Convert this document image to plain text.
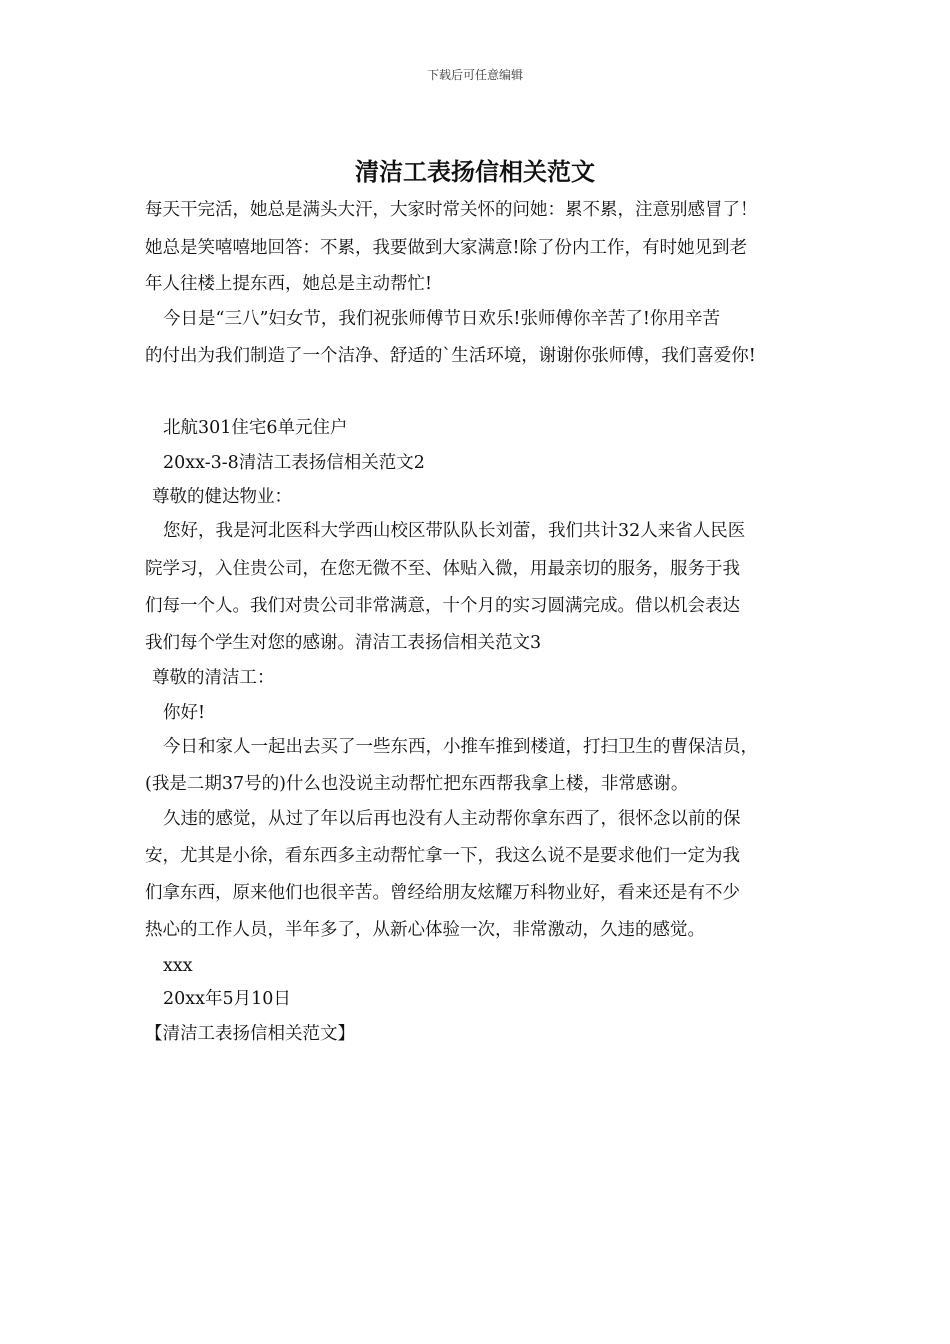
下载后可任意编辑
清洁工表扬信相关范文
每天干完活，她总是满头大汗，大家时常关怀的问她：累不累，注意别感冒了！
她总是笑嘻嘻地回答：不累，我要做到大家满意!除了份内工作，有时她见到老
年人往楼上提东西，她总是主动帮忙!
今日是“三八”妇女节，我们祝张师傅节日欢乐!张师傅你辛苦了!你用辛苦
的付出为我们制造了一个洁净、舒适的`生活环境，谢谢你张师傅，我们喜爱你!
北航301住宅6单元住户
20xx-3-8清洁工表扬信相关范文2
尊敬的健达物业：
您好，我是河北医科大学西山校区带队队长刘蕾，我们共计32人来省人民医
院学习，入住贵公司，在您无微不至、体贴入微，用最亲切的服务，服务于我
们每一个人。我们对贵公司非常满意，十个月的实习圆满完成。借以机会表达
我们每个学生对您的感谢。清洁工表扬信相关范文3
尊敬的清洁工：
你好!
今日和家人一起出去买了一些东西，小推车推到楼道，打扫卫生的曹保洁员，
(我是二期37号的)什么也没说主动帮忙把东西帮我拿上楼，非常感谢。
久违的感觉，从过了年以后再也没有人主动帮你拿东西了，很怀念以前的保
安，尤其是小徐，看东西多主动帮忙拿一下，我这么说不是要求他们一定为我
们拿东西，原来他们也很辛苦。曾经给朋友炫耀万科物业好，看来还是有不少
热心的工作人员，半年多了，从新心体验一次，非常激动，久违的感觉。
xxx
20xx年5月10日
【清洁工表扬信相关范文】
